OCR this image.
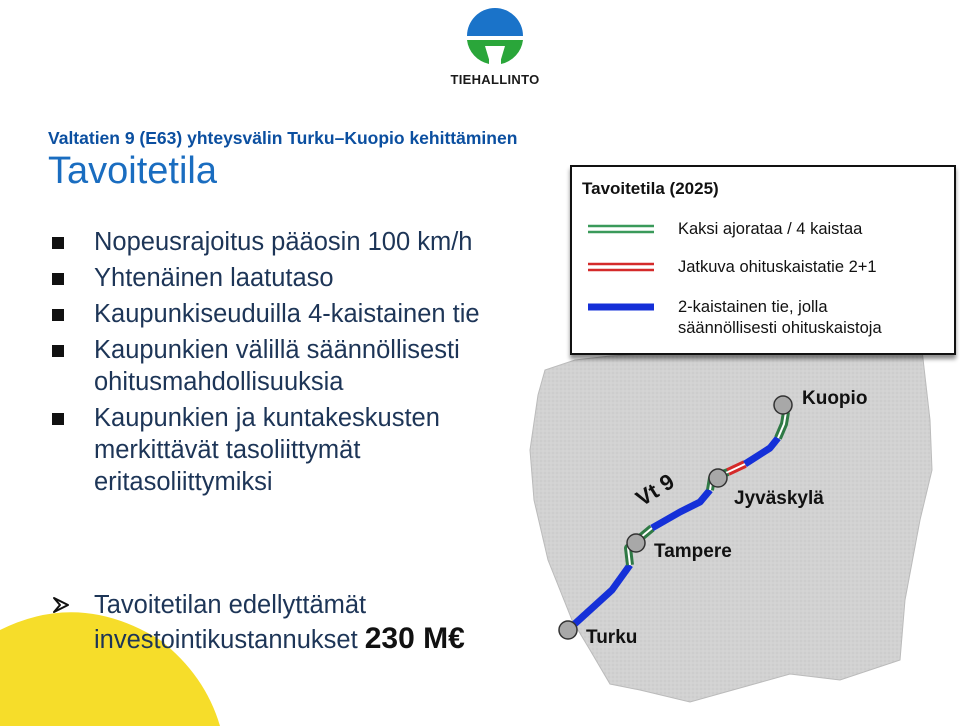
TIEHALLINTO
Valtatien 9 (E63) yhteysvälin Turku–Kuopio kehittäminen
Tavoitetila
Nopeusrajoitus pääosin 100 km/h
Yhtenäinen laatutaso
Kaupunkiseuduilla 4-kaistainen tie
Kaupunkien välillä säännöllisesti
ohitusmahdollisuuksia
Kaupunkien ja kuntakeskusten
merkittävät tasoliittymät
eritasoliittymiksi
Tavoitetilan edellyttämät
investointikustannukset 230 M€
Tavoitetila (2025)
Kaksi ajorataa / 4 kaistaa
Jatkuva ohituskaistatie 2+1
2-kaistainen tie, jolla
säännöllisesti ohituskaistoja
Vt 9
Turku
Tampere
Jyväskylä
Kuopio
